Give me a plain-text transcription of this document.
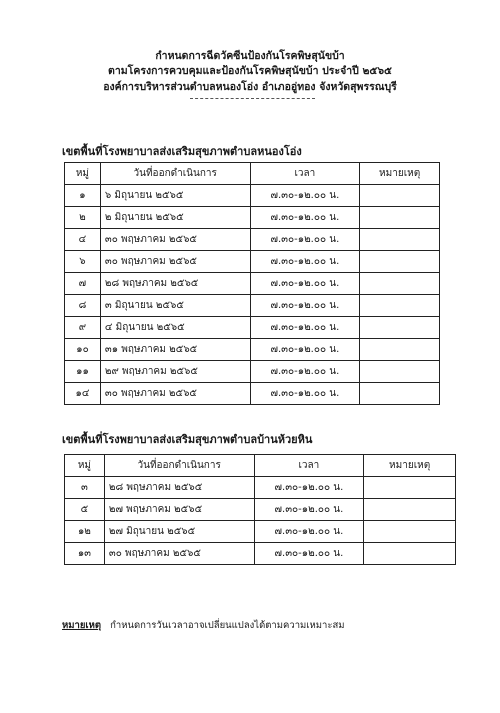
กำหนดการฉีดวัคซีนป้องกันโรคพิษสุนัขบ้า
ตามโครงการควบคุมและป้องกันโรคพิษสุนัขบ้า ประจำปี ๒๕๖๕
องค์การบริหารส่วนตำบลหนองโอ่ง อำเภออู่ทอง จังหวัดสุพรรณบุรี
เขตพื้นที่โรงพยาบาลส่งเสริมสุขภาพตำบลหนองโอ่ง
หมู่	วันที่ออกดำเนินการ	เวลา	หมายเหตุ
๑	๖ มิถุนายน ๒๕๖๕	๗.๓๐-๑๒.๐๐ น.	
๒	๒ มิถุนายน ๒๕๖๕	๗.๓๐-๑๒.๐๐ น.	
๔	๓๐ พฤษภาคม ๒๕๖๕	๗.๓๐-๑๒.๐๐ น.	
๖	๓๐ พฤษภาคม ๒๕๖๕	๗.๓๐-๑๒.๐๐ น.	
๗	๒๘ พฤษภาคม ๒๕๖๕	๗.๓๐-๑๒.๐๐ น.	
๘	๓ มิถุนายน ๒๕๖๕	๗.๓๐-๑๒.๐๐ น.	
๙	๔ มิถุนายน ๒๕๖๕	๗.๓๐-๑๒.๐๐ น.	
๑๐	๓๑ พฤษภาคม ๒๕๖๕	๗.๓๐-๑๒.๐๐ น.	
๑๑	๒๙ พฤษภาคม ๒๕๖๕	๗.๓๐-๑๒.๐๐ น.	
๑๔	๓๐ พฤษภาคม ๒๕๖๕	๗.๓๐-๑๒.๐๐ น.	
เขตพื้นที่โรงพยาบาลส่งเสริมสุขภาพตำบลบ้านห้วยหิน
หมู่	วันที่ออกดำเนินการ	เวลา	หมายเหตุ
๓	๒๘ พฤษภาคม ๒๕๖๕	๗.๓๐-๑๒.๐๐ น.	
๕	๒๗ พฤษภาคม ๒๕๖๕	๗.๓๐-๑๒.๐๐ น.	
๑๒	๒๗ มิถุนายน ๒๕๖๕	๗.๓๐-๑๒.๐๐ น.	
๑๓	๓๐ พฤษภาคม ๒๕๖๕	๗.๓๐-๑๒.๐๐ น.	
หมายเหตุ กำหนดการวันเวลาอาจเปลี่ยนแปลงได้ตามความเหมาะสม
